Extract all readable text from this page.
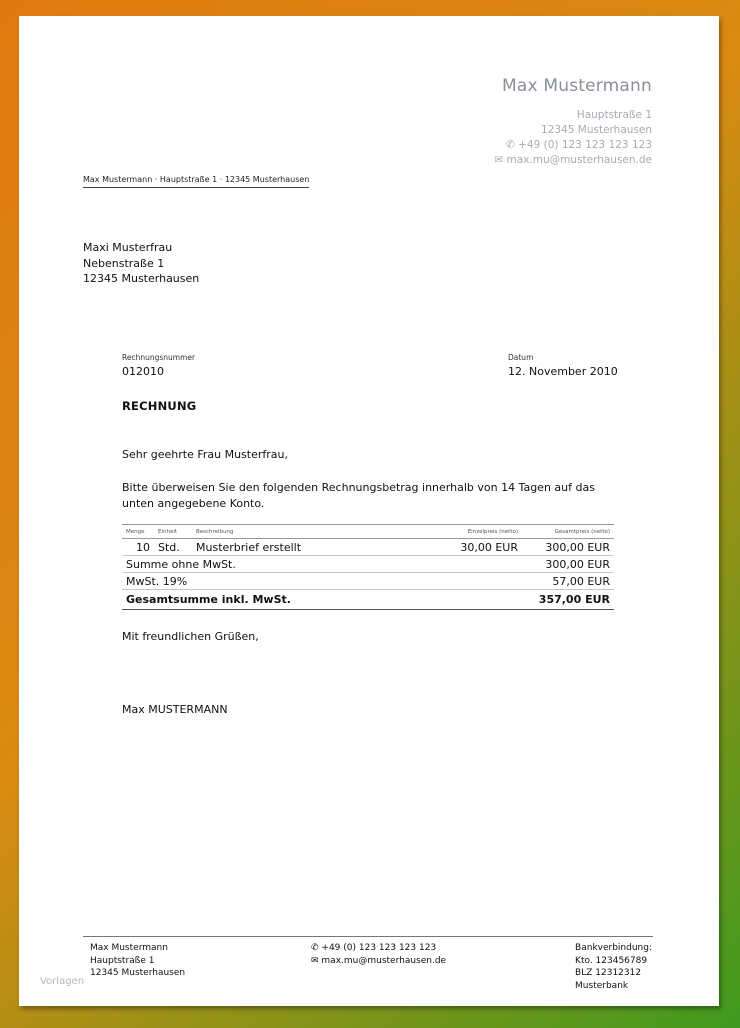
Max Mustermann
Hauptstraße 1
12345 Musterhausen
✆ +49 (0) 123 123 123 123
✉ max.mu@musterhausen.de
Max Mustermann · Hauptstraße 1 · 12345 Musterhausen
Maxi Musterfrau
Nebenstraße 1
12345 Musterhausen
Rechnungsnummer
012010
Datum
12. November 2010
RECHNUNG
Sehr geehrte Frau Musterfrau,
Bitte überweisen Sie den folgenden Rechnungsbetrag innerhalb von 14 Tagen auf das unten angegebene Konto.
Menge	Einheit	Beschreibung	Einzelpreis (netto)	Gesamtpreis (netto)
10	Std.	Musterbrief erstellt	30,00 EUR	300,00 EUR
Summe ohne MwSt.				300,00 EUR
MwSt. 19%				57,00 EUR
Gesamtsumme inkl. MwSt.				357,00 EUR
Mit freundlichen Grüßen,
Max MUSTERMANN
Max Mustermann
Hauptstraße 1
12345 Musterhausen
✆ +49 (0) 123 123 123 123
✉ max.mu@musterhausen.de
Bankverbindung:
Kto. 123456789
BLZ 12312312
Musterbank
Vorlagen
